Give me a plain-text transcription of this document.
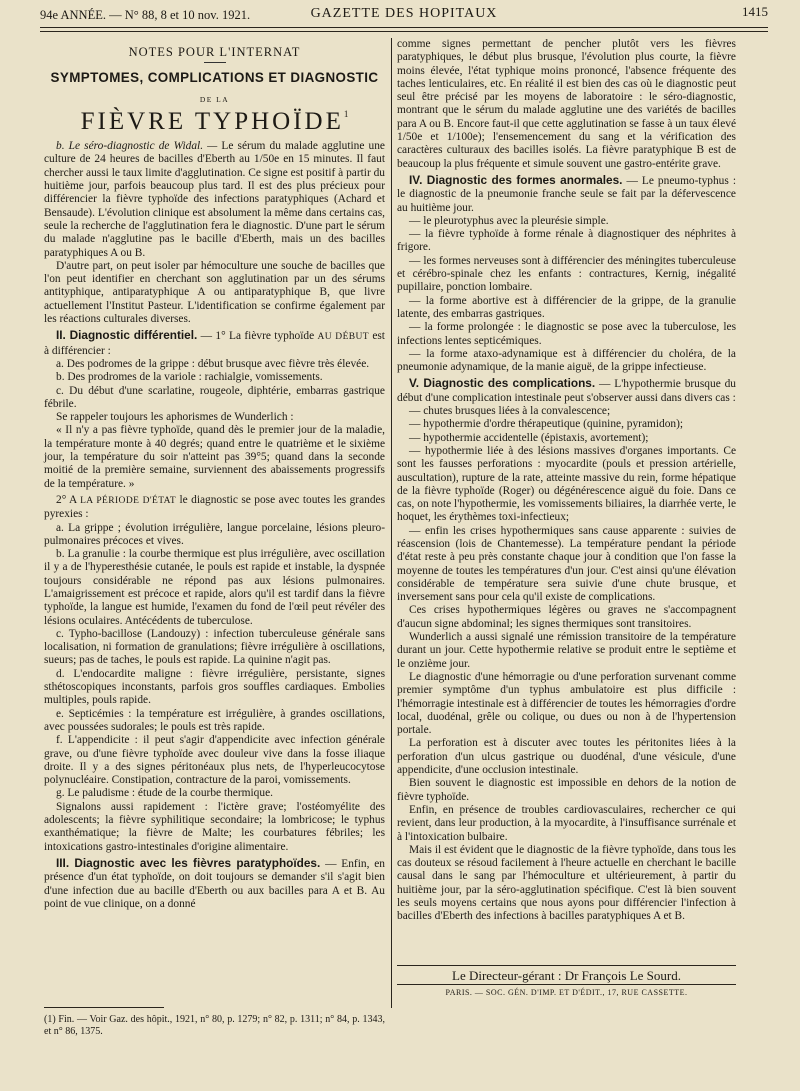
94e ANNÉE. — N° 88, 8 et 10 nov. 1921.	GAZETTE DES HOPITAUX	1415

NOTES POUR L'INTERNAT

SYMPTOMES, COMPLICATIONS ET DIAGNOSTIC

DE LA

FIÈVRE TYPHOÏDE$^1$

b. Le séro-diagnostic de Widal. — Le sérum du malade agglutine une culture de 24 heures de bacilles d'Eberth au 1/50e en 15 minutes. Il faut chercher aussi le taux limite d'agglutination. Ce signe est positif à partir du huitième jour, parfois beaucoup plus tard. Il est des plus précieux pour différencier la fièvre typhoïde des infections paratyphiques (Achard et Bensaude). L'évolution clinique est absolument la même dans certains cas, seule la recherche de l'agglutination fera le diagnostic. D'une part le sérum du malade n'agglutine pas le bacille d'Eberth, mais un des bacilles paratyphiques A ou B.

D'autre part, on peut isoler par hémoculture une souche de bacilles que l'on peut identifier en cherchant son agglutination par un des sérums antityphique, antiparatyphique A ou antiparatyphique B, que livre actuellement l'Institut Pasteur. L'identification se confirme également par les réactions culturales diverses.

II. Diagnostic différentiel. — 1° La fièvre typhoïde AU DÉBUT est à différencier :

a. Des podromes de la grippe : début brusque avec fièvre très élevée.

b. Des prodromes de la variole : rachialgie, vomissements.

c. Du début d'une scarlatine, rougeole, diphtérie, embarras gastrique fébrile.

Se rappeler toujours les aphorismes de Wunderlich :

« Il n'y a pas fièvre typhoïde, quand dès le premier jour de la maladie, la température monte à 40 degrés; quand entre le quatrième et le sixième jour, la température du soir n'atteint pas 39°5; quand dans la seconde moitié de la première semaine, surviennent des abaissements progressifs de la température. »

2° A LA PÉRIODE D'ÉTAT le diagnostic se pose avec toutes les grandes pyrexies :

a. La grippe ; évolution irrégulière, langue porcelaine, lésions pleuro-pulmonaires précoces et vives.

b. La granulie : la courbe thermique est plus irrégulière, avec oscillation il y a de l'hyperesthésie cutanée, le pouls est rapide et instable, la dyspnée toujours considérable ne répond pas aux lésions pulmonaires. L'amaigrissement est précoce et rapide, alors qu'il est tardif dans la fièvre typhoïde, la langue est humide, l'examen du fond de l'œil peut révéler des lésions oculaires. Antécédents de tuberculose.

c. Typho-bacillose (Landouzy) : infection tuberculeuse générale sans localisation, ni formation de granulations; fièvre irrégulière à oscillations, sueurs; pas de taches, le pouls est rapide. La quinine n'agit pas.

d. L'endocardite maligne : fièvre irrégulière, persistante, signes sthétoscopiques inconstants, parfois gros souffles cardiaques. Embolies multiples, pouls rapide.

e. Septicémies : la température est irrégulière, à grandes oscillations, avec poussées sudorales; le pouls est très rapide.

f. L'appendicite : il peut s'agir d'appendicite avec infection générale grave, ou d'une fièvre typhoïde avec douleur vive dans la fosse iliaque droite. Il y a des signes péritonéaux plus nets, de l'hyperleucocytose polynucléaire. Constipation, contracture de la paroi, vomissements.

g. Le paludisme : étude de la courbe thermique.

Signalons aussi rapidement : l'ictère grave; l'ostéomyélite des adolescents; la fièvre syphilitique secondaire; la lombricose; le typhus exanthématique; la fièvre de Malte; les courbatures fébriles; les intoxications gastro-intestinales d'origine alimentaire.

III. Diagnostic avec les fièvres paratyphoïdes. — Enfin, en présence d'un état typhoïde, on doit toujours se demander s'il s'agit bien d'une infection due au bacille d'Eberth ou aux bacilles para A et B. Au point de vue clinique, on a donné

comme signes permettant de pencher plutôt vers les fièvres paratyphiques, le début plus brusque, l'évolution plus courte, la fièvre moins élevée, l'état typhique moins prononcé, l'absence fréquente des taches lenticulaires, etc. En réalité il est bien des cas où le diagnostic peut seul être précisé par les moyens de laboratoire : le séro-diagnostic, montrant que le sérum du malade agglutine une des variétés de bacilles para A ou B. Encore faut-il que cette agglutination se fasse à un taux élevé 1/50e et 1/100e); l'ensemencement du sang et la vérification des caractères culturaux des bacilles isolés. La fièvre paratyphique B est de beaucoup la plus fréquente et simule souvent une gastro-entérite grave.

IV. Diagnostic des formes anormales. — Le pneumo-typhus : le diagnostic de la pneumonie franche seule se fait par la défervescence au huitième jour.

— le pleurotyphus avec la pleurésie simple.

— la fièvre typhoïde à forme rénale à diagnostiquer des néphrites à frigore.

— les formes nerveuses sont à différencier des méningites tuberculeuse et cérébro-spinale chez les enfants : contractures, Kernig, inégalité pupillaire, ponction lombaire.

— la forme abortive est à différencier de la grippe, de la granulie latente, des embarras gastriques.

— la forme prolongée : le diagnostic se pose avec la tuberculose, les infections lentes septicémiques.

— la forme ataxo-adynamique est à différencier du choléra, de la pneumonie adynamique, de la manie aiguë, de la grippe infectieuse.

V. Diagnostic des complications. — L'hypothermie brusque du début d'une complication intestinale peut s'observer aussi dans divers cas :

— chutes brusques liées à la convalescence;

— hypothermie d'ordre thérapeutique (quinine, pyramidon);

— hypothermie accidentelle (épistaxis, avortement);

— hypothermie liée à des lésions massives d'organes importants. Ce sont les fausses perforations : myocardite (pouls et pression artérielle, auscultation), rupture de la rate, atteinte massive du rein, forme hépatique de la fièvre typhoïde (Roger) ou dégénérescence aiguë du foie. Dans ce cas, on note l'hypothermie, les vomissements biliaires, la diarrhée verte, le hoquet, les érythèmes toxi-infectieux;

— enfin les crises hypothermiques sans cause apparente : suivies de réascension (lois de Chantemesse). La température pendant la période d'état reste à peu près constante chaque jour à condition que l'on fasse la moyenne de toutes les températures d'un jour. C'est ainsi qu'une élévation considérable de température sera suivie d'une chute brusque, et inversement sans pour cela qu'il existe de complications.

Ces crises hypothermiques légères ou graves ne s'accompagnent d'aucun signe abdominal; les signes thermiques sont transitoires.

Wunderlich a aussi signalé une rémission transitoire de la température durant un jour. Cette hypothermie relative se produit entre le septième et le onzième jour.

Le diagnostic d'une hémorragie ou d'une perforation survenant comme premier symptôme d'un typhus ambulatoire est plus difficile : l'hémorragie intestinale est à différencier de toutes les hémorragies d'ordre local, duodénal, grêle ou colique, ou dues ou non à de l'hypertension portale.

La perforation est à discuter avec toutes les péritonites liées à la perforation d'un ulcus gastrique ou duodénal, d'une vésicule, d'une appendicite, d'une occlusion intestinale.

Bien souvent le diagnostic est impossible en dehors de la notion de fièvre typhoïde.

Enfin, en présence de troubles cardiovasculaires, rechercher ce qui revient, dans leur production, à la myocardite, à l'insuffisance surrénale et à l'intoxication bulbaire.

Mais il est évident que le diagnostic de la fièvre typhoïde, dans tous les cas douteux se résoud facilement à l'heure actuelle en cherchant le bacille causal dans le sang par l'hémoculture et ultérieurement, à partir du huitième jour, par la séro-agglutination spécifique. C'est là bien souvent les seuls moyens certains que nous ayons pour différencier l'infection à bacilles d'Eberth des infections à bacilles paratyphiques A et B.

Le Directeur-gérant : Dr François Le Sourd.
PARIS. — SOC. GÉN. D'IMP. ET D'ÉDIT., 17, RUE CASSETTE.
(1) Fin. — Voir Gaz. des hôpit., 1921, n° 80, p. 1279; n° 82, p. 1311; n° 84, p. 1343, et n° 86, 1375.
